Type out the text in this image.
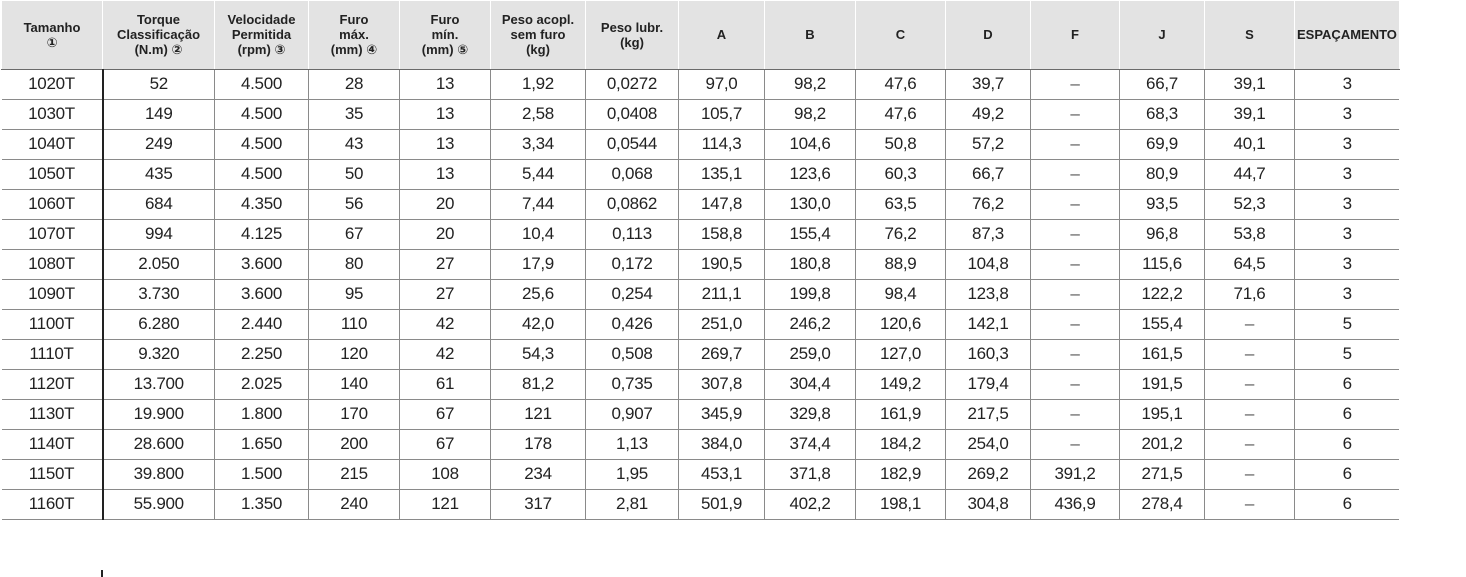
Tamanho
①	Torque
Classificação
(N.m) ②	Velocidade
Permitida
(rpm) ③	Furo
máx.
(mm) ④	Furo
mín.
(mm) ⑤	Peso acopl.
sem furo
(kg)	Peso lubr.
(kg)	A	B	C	D	F	J	S	ESPAÇAMENTO

1020T	52	4.500	28	13	1,92	0,0272	97,0	98,2	47,6	39,7	–	66,7	39,1	3
1030T	149	4.500	35	13	2,58	0,0408	105,7	98,2	47,6	49,2	–	68,3	39,1	3
1040T	249	4.500	43	13	3,34	0,0544	114,3	104,6	50,8	57,2	–	69,9	40,1	3
1050T	435	4.500	50	13	5,44	0,068	135,1	123,6	60,3	66,7	–	80,9	44,7	3
1060T	684	4.350	56	20	7,44	0,0862	147,8	130,0	63,5	76,2	–	93,5	52,3	3
1070T	994	4.125	67	20	10,4	0,113	158,8	155,4	76,2	87,3	–	96,8	53,8	3
1080T	2.050	3.600	80	27	17,9	0,172	190,5	180,8	88,9	104,8	–	115,6	64,5	3
1090T	3.730	3.600	95	27	25,6	0,254	211,1	199,8	98,4	123,8	–	122,2	71,6	3
1100T	6.280	2.440	110	42	42,0	0,426	251,0	246,2	120,6	142,1	–	155,4	–	5
1110T	9.320	2.250	120	42	54,3	0,508	269,7	259,0	127,0	160,3	–	161,5	–	5
1120T	13.700	2.025	140	61	81,2	0,735	307,8	304,4	149,2	179,4	–	191,5	–	6
1130T	19.900	1.800	170	67	121	0,907	345,9	329,8	161,9	217,5	–	195,1	–	6
1140T	28.600	1.650	200	67	178	1,13	384,0	374,4	184,2	254,0	–	201,2	–	6
1150T	39.800	1.500	215	108	234	1,95	453,1	371,8	182,9	269,2	391,2	271,5	–	6
1160T	55.900	1.350	240	121	317	2,81	501,9	402,2	198,1	304,8	436,9	278,4	–	6
